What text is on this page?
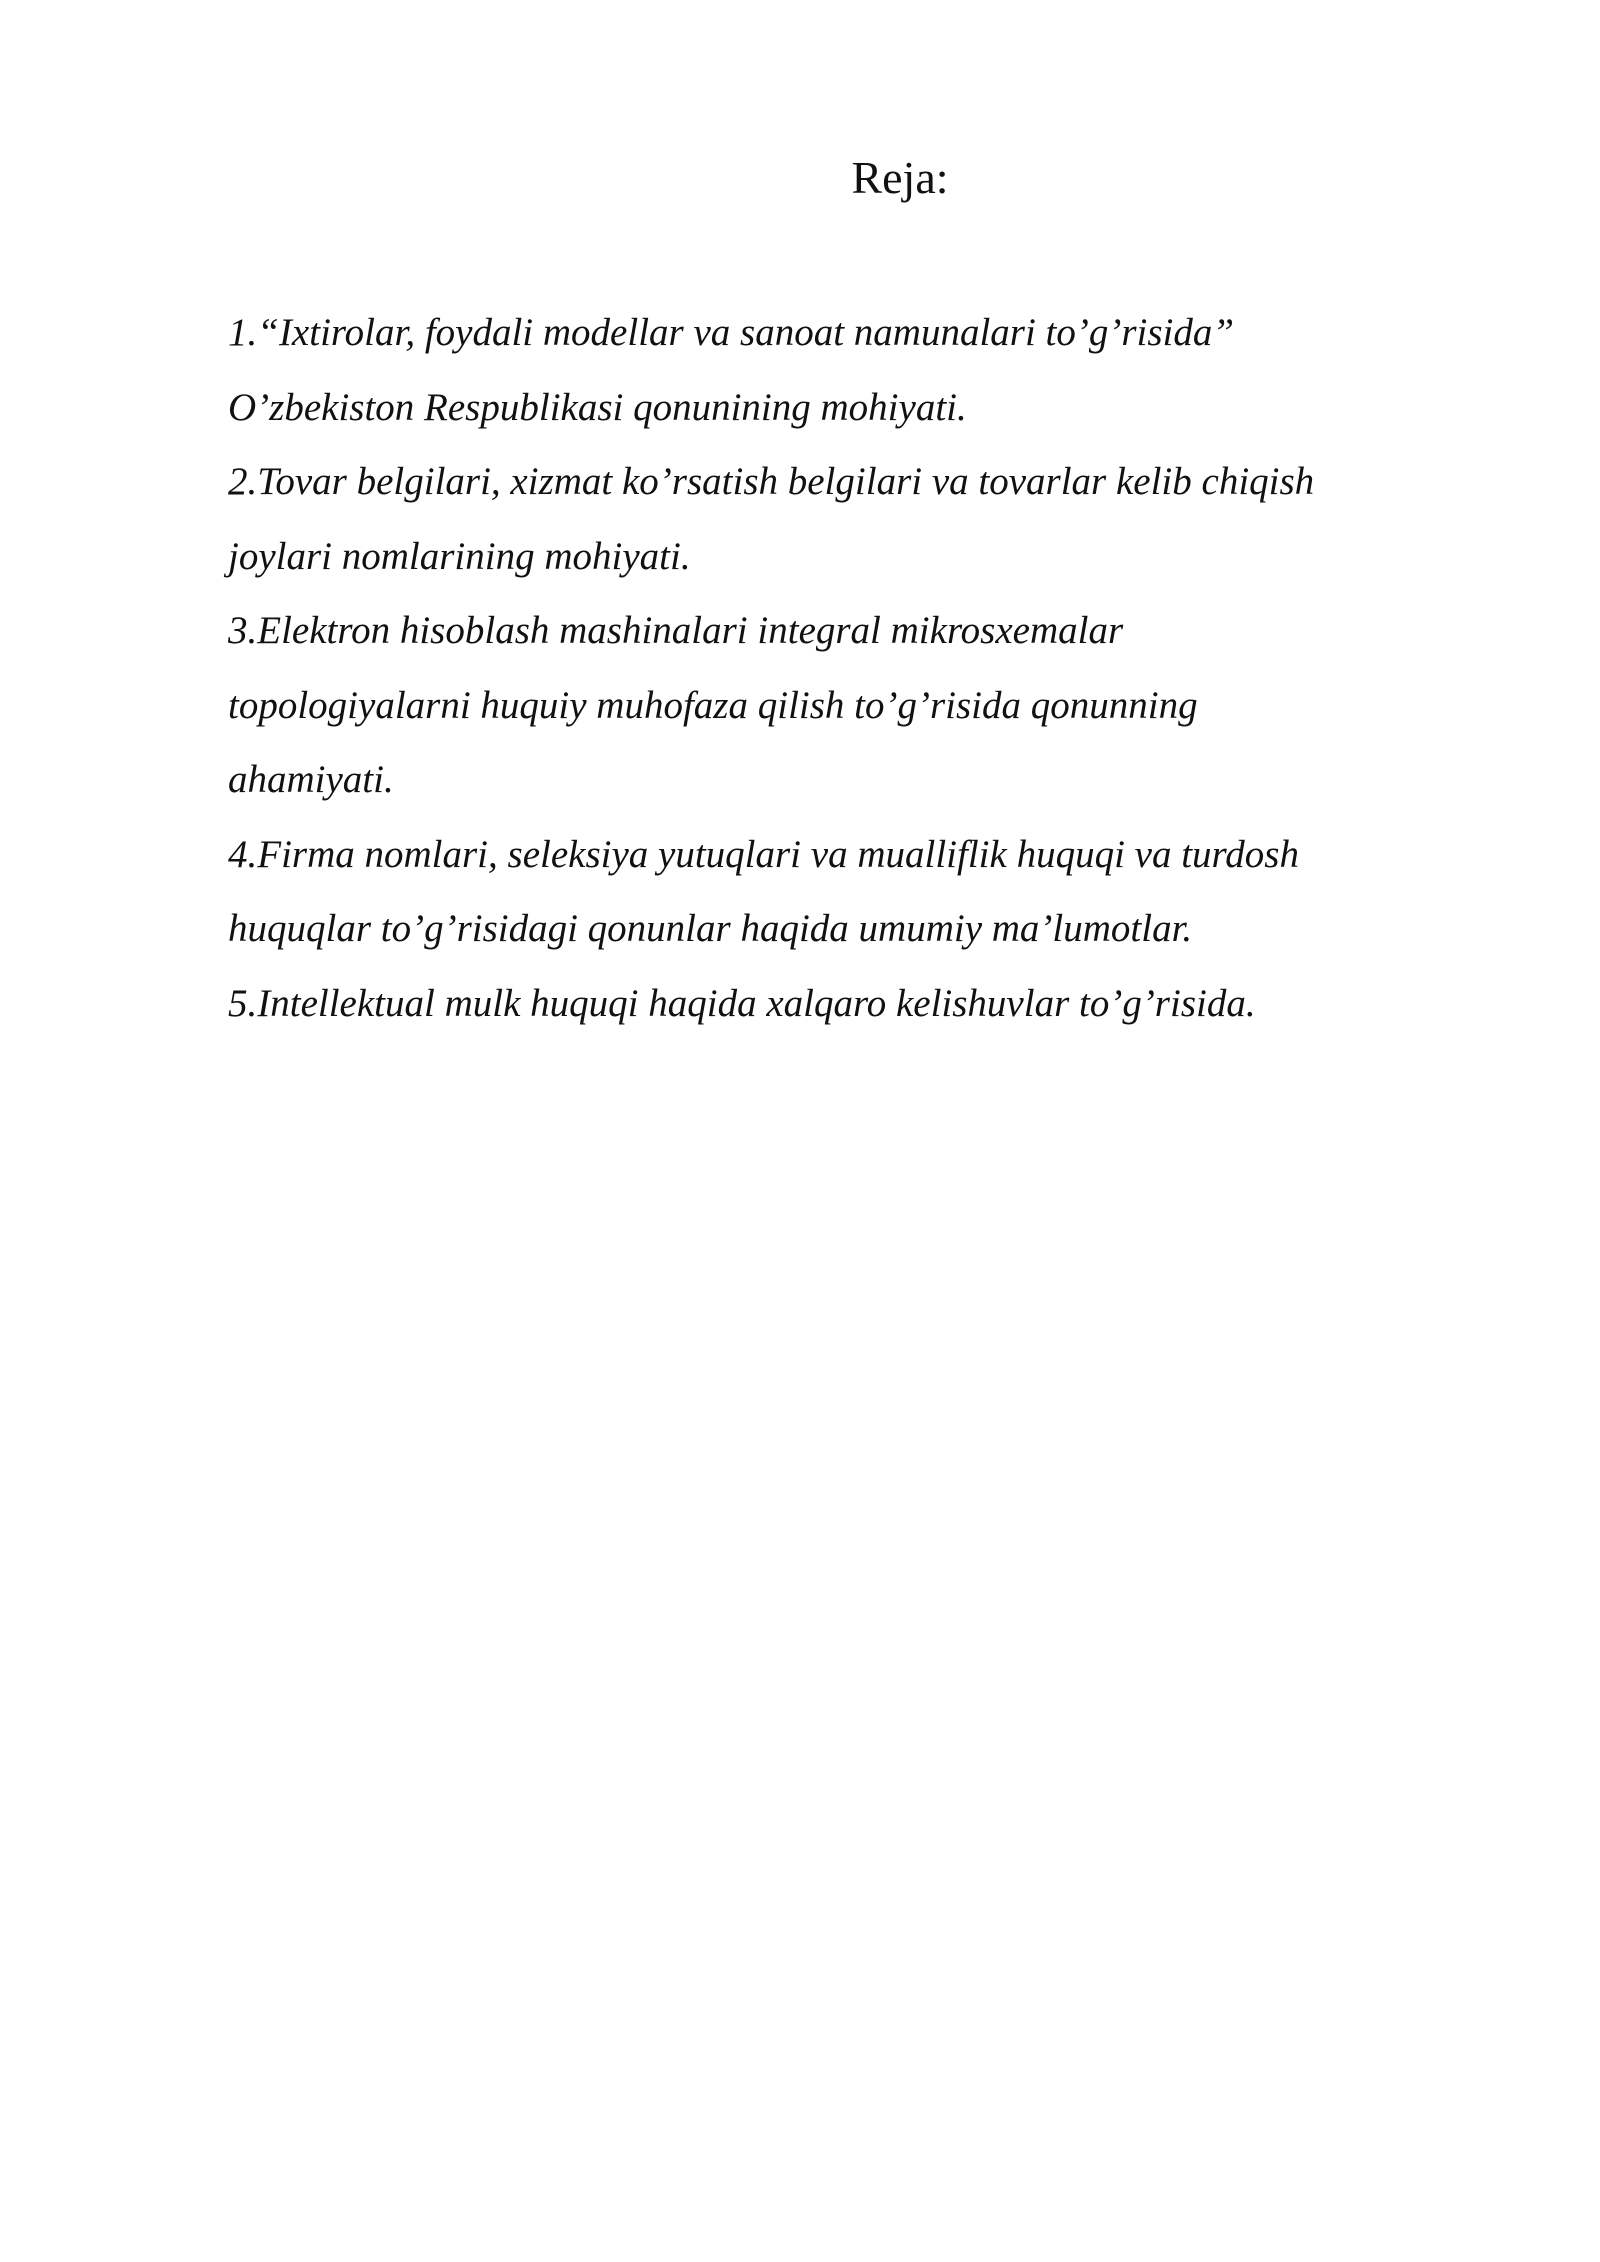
Reja:
1.“Ixtirolar, foydali modellar va sanoat namunalari to’g’risida”
O’zbekiston Respublikasi qonunining mohiyati.
2.Tovar belgilari, xizmat ko’rsatish belgilari va tovarlar kelib chiqish
joylari nomlarining mohiyati.
3.Elektron hisoblash mashinalari integral mikrosxemalar
topologiyalarni huquiy muhofaza qilish to’g’risida qonunning
ahamiyati.
4.Firma nomlari, seleksiya yutuqlari va mualliflik huquqi va turdosh
huquqlar to’g’risidagi qonunlar haqida umumiy ma’lumotlar.
5.Intellektual mulk huquqi haqida xalqaro kelishuvlar to’g’risida.
